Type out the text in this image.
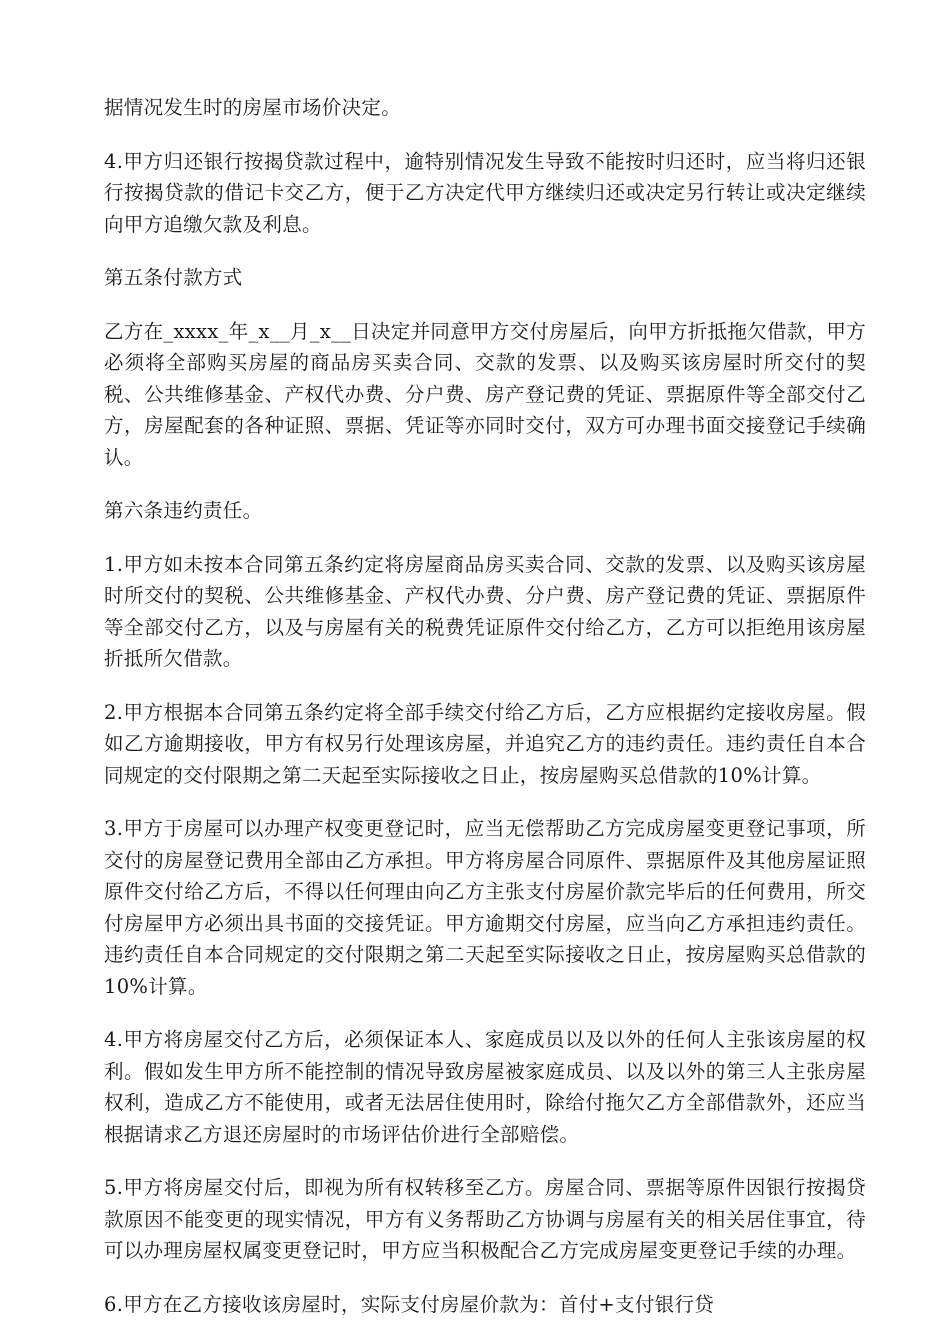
据情况发生时的房屋市场价决定。

4.甲方归还银行按揭贷款过程中，逾特别情况发生导致不能按时归还时，应当将归还银行按揭贷款的借记卡交乙方，便于乙方决定代甲方继续归还或决定另行转让或决定继续向甲方追缴欠款及利息。

第五条付款方式

乙方在_xxxx_年_x__月_x__日决定并同意甲方交付房屋后，向甲方折抵拖欠借款，甲方必须将全部购买房屋的商品房买卖合同、交款的发票、以及购买该房屋时所交付的契税、公共维修基金、产权代办费、分户费、房产登记费的凭证、票据原件等全部交付乙方，房屋配套的各种证照、票据、凭证等亦同时交付，双方可办理书面交接登记手续确认。

第六条违约责任。

1.甲方如未按本合同第五条约定将房屋商品房买卖合同、交款的发票、以及购买该房屋时所交付的契税、公共维修基金、产权代办费、分户费、房产登记费的凭证、票据原件等全部交付乙方，以及与房屋有关的税费凭证原件交付给乙方，乙方可以拒绝用该房屋折抵所欠借款。

2.甲方根据本合同第五条约定将全部手续交付给乙方后，乙方应根据约定接收房屋。假如乙方逾期接收，甲方有权另行处理该房屋，并追究乙方的违约责任。违约责任自本合同规定的交付限期之第二天起至实际接收之日止，按房屋购买总借款的10%计算。

3.甲方于房屋可以办理产权变更登记时，应当无偿帮助乙方完成房屋变更登记事项，所交付的房屋登记费用全部由乙方承担。甲方将房屋合同原件、票据原件及其他房屋证照原件交付给乙方后，不得以任何理由向乙方主张支付房屋价款完毕后的任何费用，所交付房屋甲方必须出具书面的交接凭证。甲方逾期交付房屋，应当向乙方承担违约责任。违约责任自本合同规定的交付限期之第二天起至实际接收之日止，按房屋购买总借款的10%计算。

4.甲方将房屋交付乙方后，必须保证本人、家庭成员以及以外的任何人主张该房屋的权利。假如发生甲方所不能控制的情况导致房屋被家庭成员、以及以外的第三人主张房屋权利，造成乙方不能使用，或者无法居住使用时，除给付拖欠乙方全部借款外，还应当根据请求乙方退还房屋时的市场评估价进行全部赔偿。

5.甲方将房屋交付后，即视为所有权转移至乙方。房屋合同、票据等原件因银行按揭贷款原因不能变更的现实情况，甲方有义务帮助乙方协调与房屋有关的相关居住事宜，待可以办理房屋权属变更登记时，甲方应当积极配合乙方完成房屋变更登记手续的办理。

6.甲方在乙方接收该房屋时，实际支付房屋价款为：首付+支付银行贷
